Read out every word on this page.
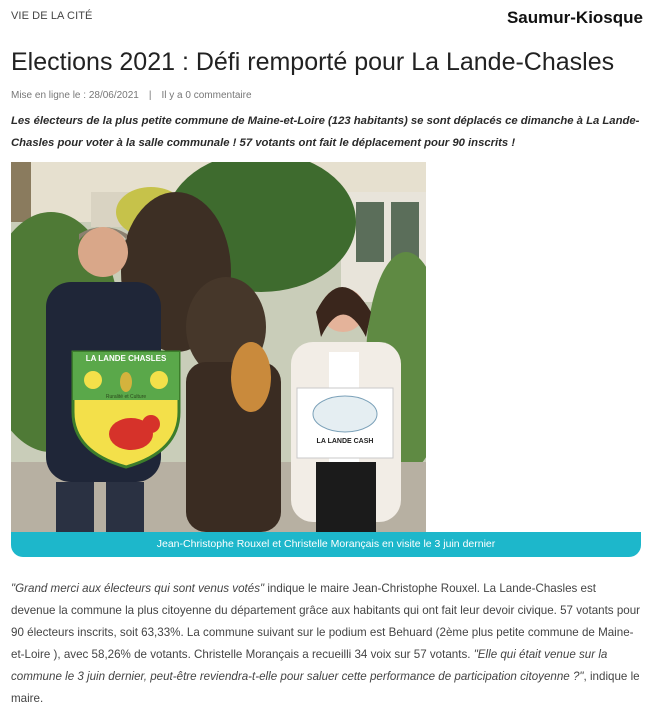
VIE DE LA CITÉ	Saumur-Kiosque
Elections 2021 : Défi remporté pour La Lande-Chasles
Mise en ligne le : 28/06/2021 | Il y a 0 commentaire

Les électeurs de la plus petite commune de Maine-et-Loire (123 habitants) se sont déplacés ce dimanche à La Lande-Chasles pour voter à la salle communale ! 57 votants ont fait le déplacement pour 90 inscrits !

LA LANDE CHASLES
Ruralité et Culture
LA LANDE CASH
Jean-Christophe Rouxel et Christelle Morançais en visite le 3 juin dernier

"Grand merci aux électeurs qui sont venus votés" indique le maire Jean-Christophe Rouxel. La Lande-Chasles est devenue la commune la plus citoyenne du département grâce aux habitants qui ont fait leur devoir civique. 57 votants pour 90 électeurs inscrits, soit 63,33%. La commune suivant sur le podium est Behuard (2ème plus petite commune de Maine-et-Loire ), avec 58,26% de votants. Christelle Morançais a recueilli 34 voix sur 57 votants. "Elle qui était venue sur la commune le 3 juin dernier, peut-être reviendra-t-elle pour saluer cette performance de participation citoyenne ?", indique le maire.
